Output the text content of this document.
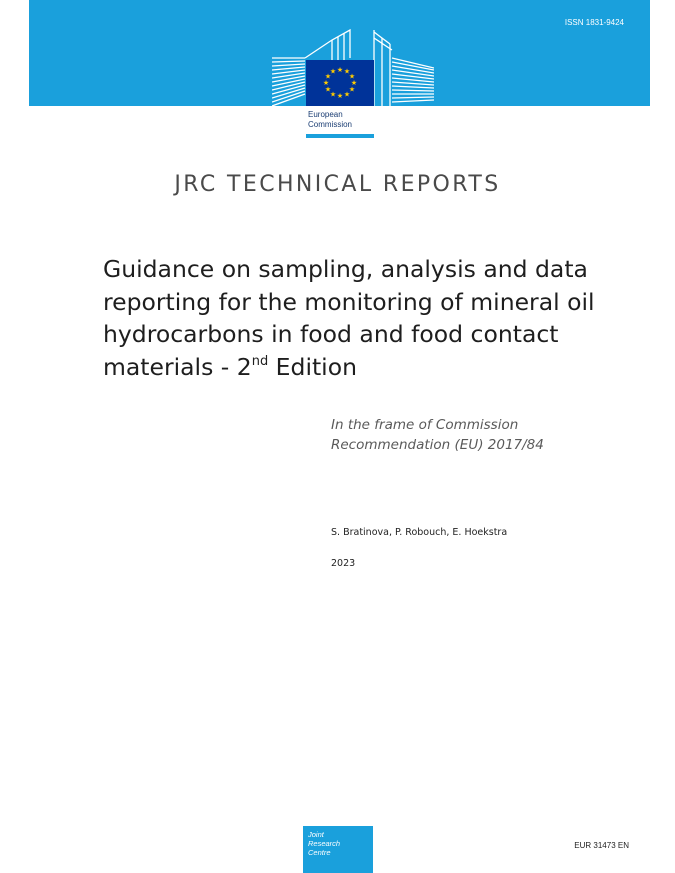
ISSN 1831-9424
★ ★
★
★
★
★
★
★
★
★
★
★
European
Commission
JRC TECHNICAL REPORTS
Guidance on sampling, analysis and data reporting for the monitoring of mineral oil hydrocarbons in food and food contact materials - 2nd Edition
In the frame of Commission
Recommendation (EU) 2017/84
S. Bratinova, P. Robouch, E. Hoekstra
2023
Joint
Research
Centre
EUR 31473 EN
